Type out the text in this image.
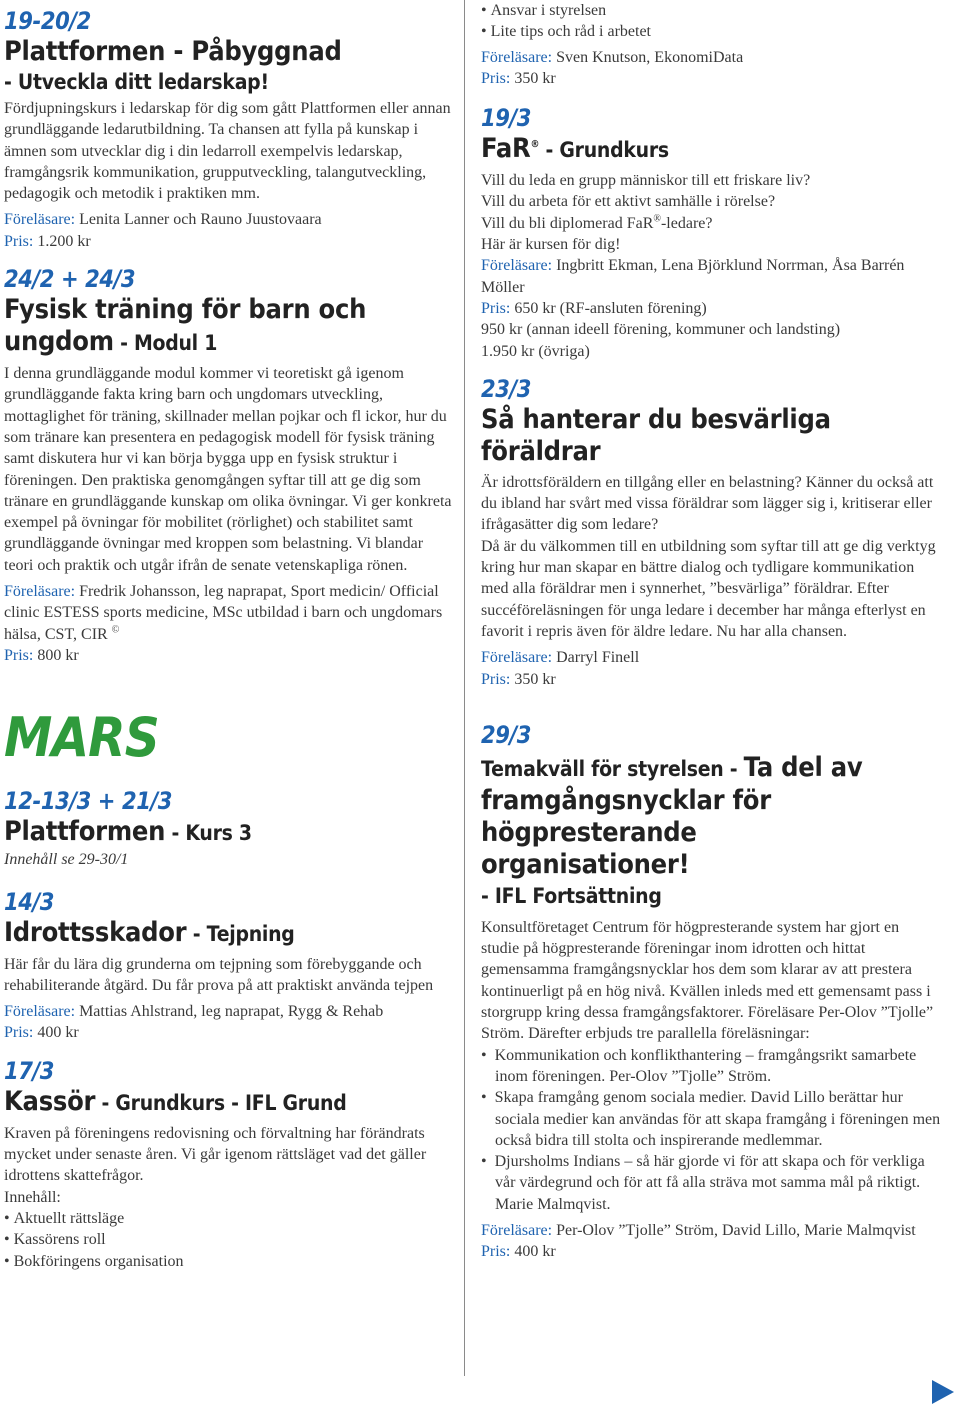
19-20/2
Plattformen - Påbyggnad
- Utveckla ditt ledarskap!

Fördjupningskurs i ledarskap för dig som gått Plattformen eller annan grundläggande ledarutbildning. Ta chansen att fylla på kunskap i ämnen som utvecklar dig i din ledarroll exempelvis ledarskap, framgångsrik kommunikation, grupputveckling, talangutveckling, pedagogik och metodik i praktiken mm.

Föreläsare: Lenita Lanner och Rauno Juustovaara

Pris: 1.200 kr

24/2 + 24/3
Fysisk träning för barn och ungdom - Modul 1

I denna grundläggande modul kommer vi teoretiskt gå igenom grundläggande fakta kring barn och ungdomars utveckling, mottaglighet för träning, skillnader mellan pojkar och fl ickor, hur du som tränare kan presentera en pedagogisk modell för fysisk träning samt diskutera hur vi kan börja bygga upp en fysisk struktur i föreningen. Den praktiska genomgången syftar till att ge dig som tränare en grundläggande kunskap om olika övningar. Vi ger konkreta exempel på övningar för mobilitet (rörlighet) och stabilitet samt grundläggande övningar med kroppen som belastning. Vi blandar teori och praktik och utgår ifrån de senate vetenskapliga rönen.

Föreläsare: Fredrik Johansson, leg naprapat, Sport medicin/ Official clinic ESTESS sports medicine, MSc utbildad i barn och ungdomars hälsa, CST, CIR ©

Pris: 800 kr

MARS
12-13/3 + 21/3
Plattformen - Kurs 3

Innehåll se 29-30/1

14/3
Idrottsskador - Tejpning

Här får du lära dig grunderna om tejpning som förebyggande och rehabiliterande åtgärd. Du får prova på att praktiskt använda tejpen

Föreläsare: Mattias Ahlstrand, leg naprapat, Rygg & Rehab

Pris: 400 kr

17/3
Kassör - Grundkurs - IFL Grund

Kraven på föreningens redovisning och förvaltning har förändrats mycket under senaste åren. Vi går igenom rättsläget vad det gäller idrottens skattefrågor.

Innehåll:

• Aktuellt rättsläge
• Kassörens roll
• Bokföringens organisation
• Ansvar i styrelsen
• Lite tips och råd i arbetet

Föreläsare: Sven Knutson, EkonomiData

Pris: 350 kr

19/3
FaR® - Grundkurs

Vill du leda en grupp människor till ett friskare liv?

Vill du arbeta för ett aktivt samhälle i rörelse?

Vill du bli diplomerad FaR®-ledare?

Här är kursen för dig!

Föreläsare: Ingbritt Ekman, Lena Björklund Norrman, Åsa Barrén Möller

Pris: 650 kr (RF-ansluten förening)

950 kr (annan ideell förening, kommuner och landsting)

1.950 kr (övriga)

23/3
Så hanterar du besvärliga föräldrar

Är idrottsföräldern en tillgång eller en belastning? Känner du också att du ibland har svårt med vissa föräldrar som lägger sig i, kritiserar eller ifrågasätter dig som ledare?

Då är du välkommen till en utbildning som syftar till att ge dig verktyg kring hur man skapar en bättre dialog och tydligare kommunikation med alla föräldrar men i synnerhet, ”besvärliga” föräldrar. Efter succéföreläsningen för unga ledare i december har många efterlyst en favorit i repris även för äldre ledare. Nu har alla chansen.

Föreläsare: Darryl Finell

Pris: 350 kr

29/3
Temakväll för styrelsen - Ta del av framgångsnycklar för högpresterande organisationer!
- IFL Fortsättning

Konsultföretaget Centrum för högpresterande system har gjort en studie på högpresterande föreningar inom idrotten och hittat gemensamma framgångsnycklar hos dem som klarar av att prestera kontinuerligt på en hög nivå. Kvällen inleds med ett gemensamt pass i storgrupp kring dessa framgångsfaktorer. Föreläsare Per-Olov ”Tjolle” Ström. Därefter erbjuds tre parallella föreläsningar:

•  Kommunikation och konflikthantering – framgångsrikt samarbete inom föreningen. Per-Olov ”Tjolle” Ström.
•  Skapa framgång genom sociala medier. David Lillo berättar hur sociala medier kan användas för att skapa framgång i föreningen men också bidra till stolta och inspirerande medlemmar.
•  Djursholms Indians – så här gjorde vi för att skapa och för verkliga vår värdegrund och för att få alla sträva mot samma mål på riktigt. Marie Malmqvist.

Föreläsare: Per-Olov ”Tjolle” Ström, David Lillo, Marie Malmqvist

Pris: 400 kr
